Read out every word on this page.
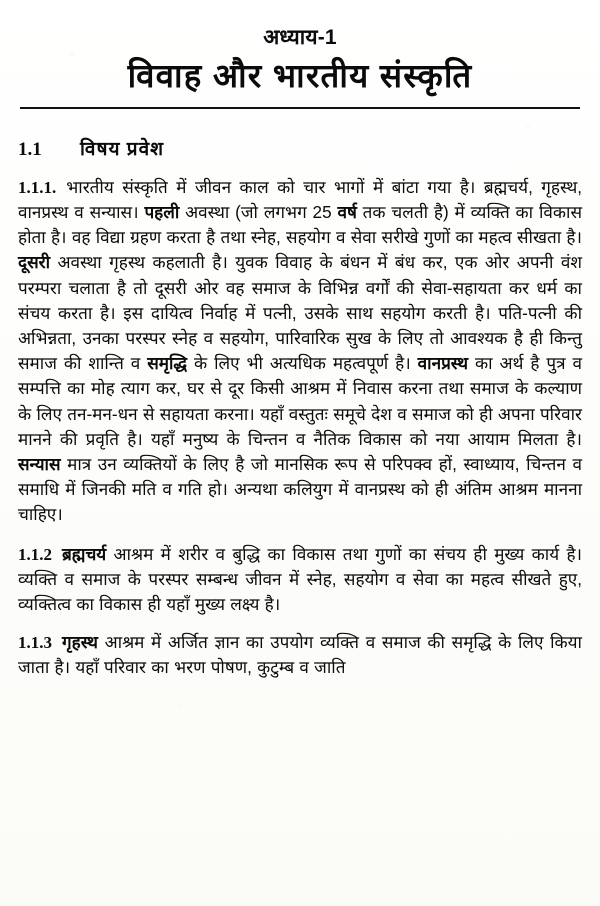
अध्याय-1
विवाह और भारतीय संस्कृति
1.1	विषय प्रवेश
1.1.1. भारतीय संस्कृति में जीवन काल को चार भागों में बांटा गया है। ब्रह्मचर्य, गृहस्थ, वानप्रस्थ व सन्यास। पहली अवस्था (जो लगभग 25 वर्ष तक चलती है) में व्यक्ति का विकास होता है। वह विद्या ग्रहण करता है तथा स्नेह, सहयोग व सेवा सरीखे गुणों का महत्व सीखता है। दूसरी अवस्था गृहस्थ कहलाती है। युवक विवाह के बंधन में बंध कर, एक ओर अपनी वंश परम्परा चलाता है तो दूसरी ओर वह समाज के विभिन्न वर्गों की सेवा-सहायता कर धर्म का संचय करता है। इस दायित्व निर्वाह में पत्नी, उसके साथ सहयोग करती है। पति-पत्नी की अभिन्नता, उनका परस्पर स्नेह व सहयोग, पारिवारिक सुख के लिए तो आवश्यक है ही किन्तु समाज की शान्ति व समृद्धि के लिए भी अत्यधिक महत्वपूर्ण है। वानप्रस्थ का अर्थ है पुत्र व सम्पत्ति का मोह त्याग कर, घर से दूर किसी आश्रम में निवास करना तथा समाज के कल्याण के लिए तन-मन-धन से सहायता करना। यहाँ वस्तुतः समूचे देश व समाज को ही अपना परिवार मानने की प्रवृति है। यहाँ मनुष्य के चिन्तन व नैतिक विकास को नया आयाम मिलता है। सन्यास मात्र उन व्यक्तियों के लिए है जो मानसिक रूप से परिपक्व हों, स्वाध्याय, चिन्तन व समाधि में जिनकी मति व गति हो। अन्यथा कलियुग में वानप्रस्थ को ही अंतिम आश्रम मानना चाहिए।
1.1.2 ब्रह्मचर्य आश्रम में शरीर व बुद्धि का विकास तथा गुणों का संचय ही मुख्य कार्य है। व्यक्ति व समाज के परस्पर सम्बन्ध जीवन में स्नेह, सहयोग व सेवा का महत्व सीखते हुए, व्यक्तित्व का विकास ही यहाँ मुख्य लक्ष्य है।
1.1.3 गृहस्थ आश्रम में अर्जित ज्ञान का उपयोग व्यक्ति व समाज की समृद्धि के लिए किया जाता है। यहाँ परिवार का भरण पोषण, कुटुम्ब व जाति
